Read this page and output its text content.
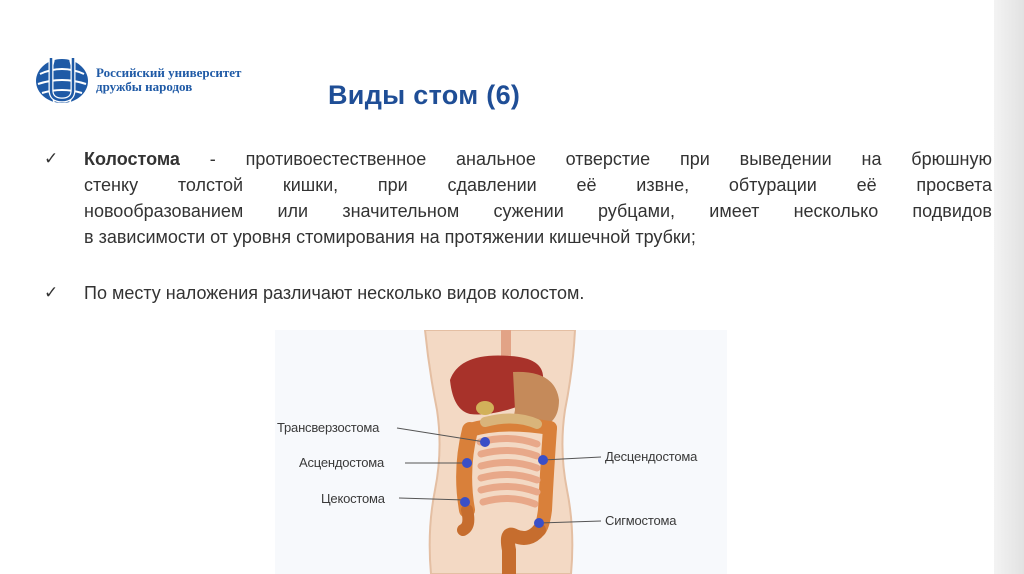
Российский университет
дружбы народов	Виды стом (6)
✓ Колостома - противоестественное анальное отверстие при выведении на брюшную
стенку толстой кишки, при сдавлении её извне, обтурации её просвета
новообразованием или значительном сужении рубцами, имеет несколько подвидов
в зависимости от уровня стомирования на протяжении кишечной трубки;
✓ По месту наложения различают несколько видов колостом.
Трансверзостома
Асцендостома
Цекостома
Десцендостома
Сигмостома
